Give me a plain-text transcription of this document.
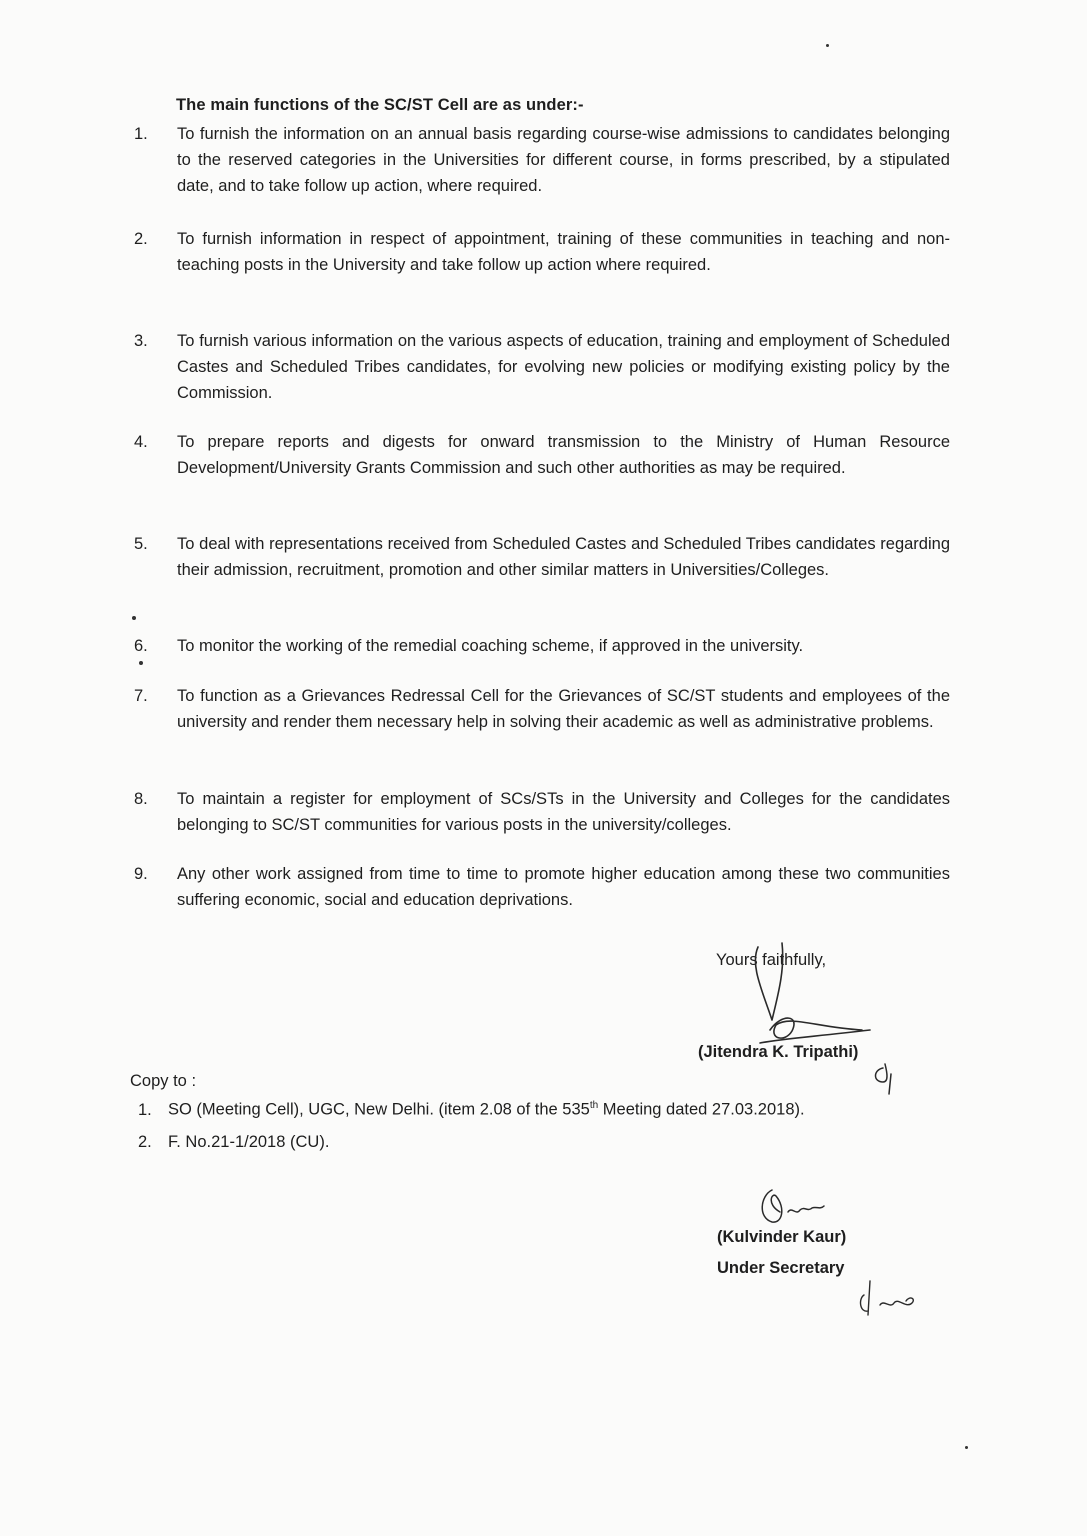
The main functions of the SC/ST Cell are as under:-
1.	To furnish the information on an annual basis regarding course-wise admissions to candidates belonging to the reserved categories in the Universities for different course, in forms prescribed, by a stipulated date, and to take follow up action, where required.
2.	To furnish information in respect of appointment, training of these communities in teaching and non-teaching posts in the University and take follow up action where required.
3.	To furnish various information on the various aspects of education, training and employment of Scheduled Castes and Scheduled Tribes candidates, for evolving new policies or modifying existing policy by the Commission.
4.	To prepare reports and digests for onward transmission to the Ministry of Human Resource Development/University Grants Commission and such other authorities as may be required.
5.	To deal with representations received from Scheduled Castes and Scheduled Tribes candidates regarding their admission, recruitment, promotion and other similar matters in Universities/Colleges.
6.	To monitor the working of the remedial coaching scheme, if approved in the university.
7.	To function as a Grievances Redressal Cell for the Grievances of SC/ST students and employees of the university and render them necessary help in solving their academic as well as administrative problems.
8.	To maintain a register for employment of SCs/STs in the University and Colleges for the candidates belonging to SC/ST communities for various posts in the university/colleges.
9.	Any other work assigned from time to time to promote higher education among these two communities suffering economic, social and education deprivations.
Yours faithfully,
(Jitendra K. Tripathi)
Copy to :
1. SO (Meeting Cell), UGC, New Delhi. (item 2.08 of the 535th Meeting dated 27.03.2018).
2. F. No.21-1/2018 (CU).
(Kulvinder Kaur)
Under Secretary
